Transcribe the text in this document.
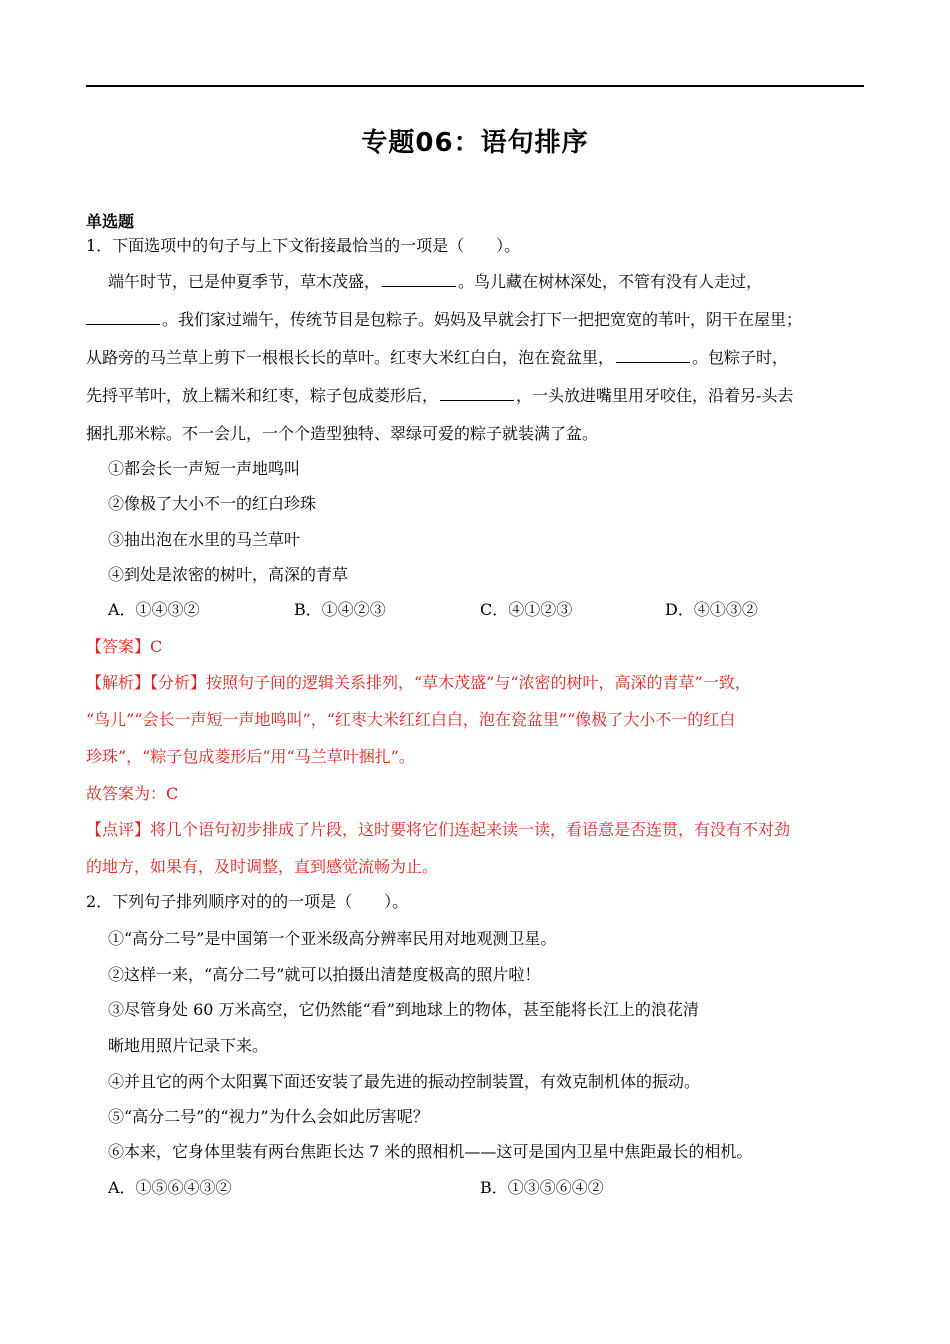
专题06：语句排序
单选题
1．下面选项中的句子与上下文衔接最恰当的一项是（　　）。
端午时节，已是仲夏季节，草木茂盛，	。鸟儿藏在树林深处，不管有没有人走过，
。我们家过端午，传统节目是包粽子。妈妈及早就会打下一把把宽宽的苇叶，阴干在屋里；
从路旁的马兰草上剪下一根根长长的草叶。红枣大米红白白，泡在瓷盆里，	。包粽子时，
先捋平苇叶，放上糯米和红枣，粽子包成菱形后，	，一头放进嘴里用牙咬住，沿着另-头去
捆扎那米粽。不一会儿，一个个造型独特、翠绿可爱的粽子就装满了盆。
①都会长一声短一声地鸣叫
②像极了大小不一的红白珍珠
③抽出泡在水里的马兰草叶
④到处是浓密的树叶，高深的青草
A．①④③②	B．①④②③	C．④①②③	D．④①③②
【答案】C
【解析】【分析】按照句子间的逻辑关系排列，“草木茂盛”与“浓密的树叶，高深的青草”一致，
“鸟儿”“会长一声短一声地鸣叫”，“红枣大米红红白白，泡在瓷盆里”“像极了大小不一的红白
珍珠”，“粽子包成菱形后”用“马兰草叶捆扎”。
故答案为：C
【点评】将几个语句初步排成了片段，这时要将它们连起来读一读，看语意是否连贯，有没有不对劲
的地方，如果有，及时调整，直到感觉流畅为止。
2．下列句子排列顺序对的的一项是（　　）。
①“高分二号”是中国第一个亚米级高分辨率民用对地观测卫星。
②这样一来，“高分二号”就可以拍摄出清楚度极高的照片啦！
③尽管身处 60 万米高空，它仍然能“看”到地球上的物体，甚至能将长江上的浪花清
晰地用照片记录下来。
④并且它的两个太阳翼下面还安装了最先进的振动控制装置，有效克制机体的振动。
⑤“高分二号”的“视力”为什么会如此厉害呢？
⑥本来，它身体里装有两台焦距长达 7 米的照相机——这可是国内卫星中焦距最长的相机。
A．①⑤⑥④③②	B．①③⑤⑥④②
